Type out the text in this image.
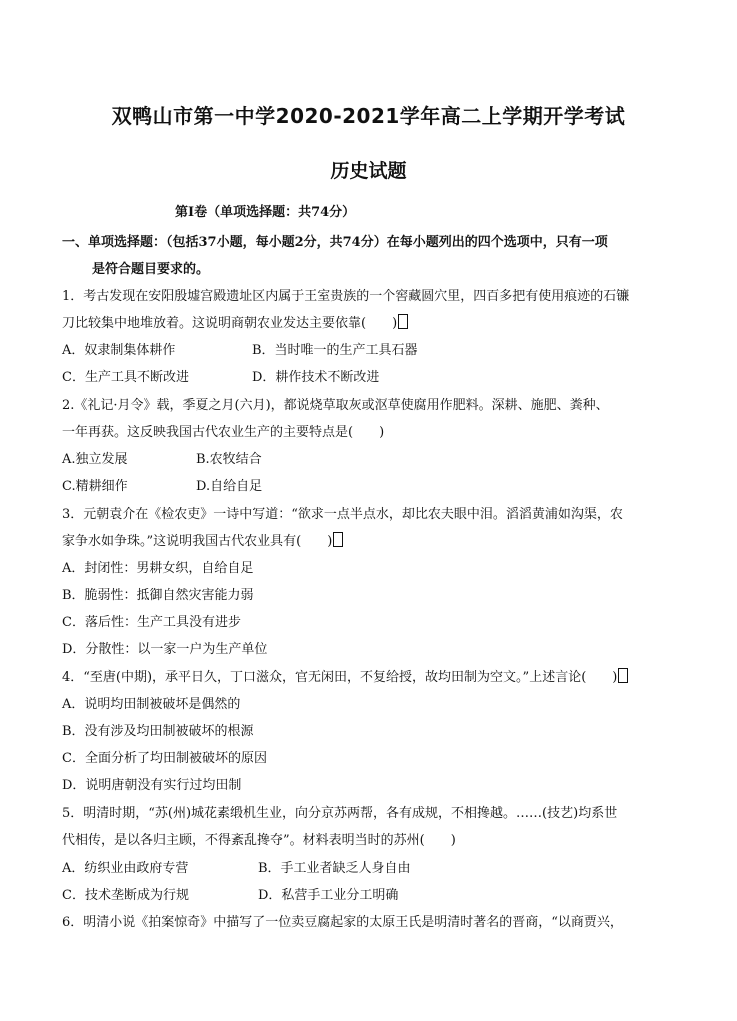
双鸭山市第一中学2020-2021学年高二上学期开学考试
历史试题
第Ⅰ卷（单项选择题：共74分）
一、单项选择题：（包括37小题，每小题2分，共74分）在每小题列出的四个选项中，只有一项
是符合题目要求的。
1．考古发现在安阳殷墟宫殿遗址区内属于王室贵族的一个窖藏圆穴里，四百多把有使用痕迹的石镰
刀比较集中地堆放着。这说明商朝农业发达主要依靠(　　)
A．奴隶制集体耕作	B．当时唯一的生产工具石器
C．生产工具不断改进	D．耕作技术不断改进
2.《礼记·月令》载，季夏之月(六月)，都说烧草取灰或沤草使腐用作肥料。深耕、施肥、粪种、
一年再获。这反映我国古代农业生产的主要特点是(　　)
A.独立发展	B.农牧结合
C.精耕细作	D.自给自足
3．元朝袁介在《检农吏》一诗中写道：“欲求一点半点水，却比农夫眼中泪。滔滔黄浦如沟渠，农
家争水如争珠。”这说明我国古代农业具有(　　)
A．封闭性：男耕女织，自给自足
B．脆弱性：抵御自然灾害能力弱
C．落后性：生产工具没有进步
D．分散性：以一家一户为生产单位
4．“至唐(中期)，承平日久，丁口滋众，官无闲田，不复给授，故均田制为空文。”上述言论(　　)
A．说明均田制被破坏是偶然的
B．没有涉及均田制被破坏的根源
C．全面分析了均田制被破坏的原因
D．说明唐朝没有实行过均田制
5．明清时期，“苏(州)城花素缎机生业，向分京苏两帮，各有成规，不相搀越。……(技艺)均系世
代相传，是以各归主顾，不得紊乱搀夺”。材料表明当时的苏州(　　)
A．纺织业由政府专营	B．手工业者缺乏人身自由
C．技术垄断成为行规	D．私营手工业分工明确
6．明清小说《拍案惊奇》中描写了一位卖豆腐起家的太原王氏是明清时著名的晋商，“以商贾兴，
